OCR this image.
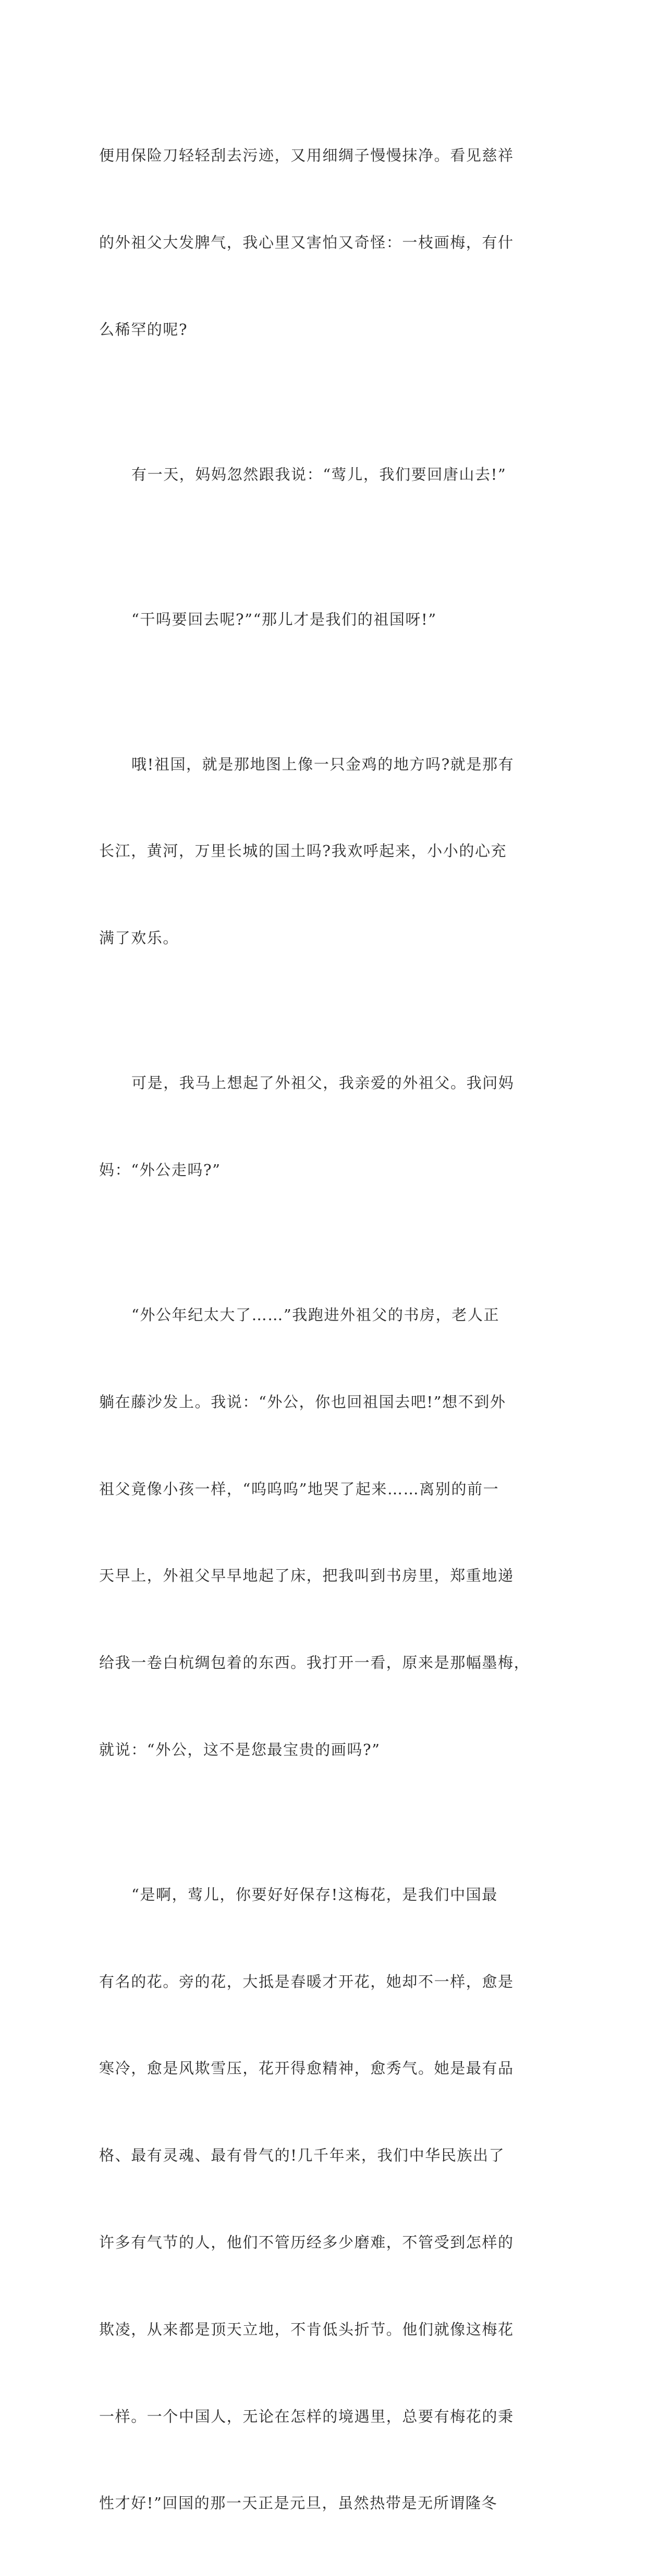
便用保险刀轻轻刮去污迹，又用细绸子慢慢抹净。看见慈祥

的外祖父大发脾气，我心里又害怕又奇怪：一枝画梅，有什

么稀罕的呢?

有一天，妈妈忽然跟我说：“莺儿，我们要回唐山去!”

“干吗要回去呢?”“那儿才是我们的祖国呀!”

哦!祖国，就是那地图上像一只金鸡的地方吗?就是那有

长江，黄河，万里长城的国土吗?我欢呼起来，小小的心充

满了欢乐。

可是，我马上想起了外祖父，我亲爱的外祖父。我问妈

妈：“外公走吗?”

“外公年纪太大了……”我跑进外祖父的书房，老人正

躺在藤沙发上。我说：“外公，你也回祖国去吧!”想不到外

祖父竟像小孩一样，“呜呜呜”地哭了起来……离别的前一

天早上，外祖父早早地起了床，把我叫到书房里，郑重地递

给我一卷白杭绸包着的东西。我打开一看，原来是那幅墨梅，

就说：“外公，这不是您最宝贵的画吗?”

“是啊，莺儿，你要好好保存!这梅花，是我们中国最

有名的花。旁的花，大抵是春暖才开花，她却不一样，愈是

寒冷，愈是风欺雪压，花开得愈精神，愈秀气。她是最有品

格、最有灵魂、最有骨气的!几千年来，我们中华民族出了

许多有气节的人，他们不管历经多少磨难，不管受到怎样的

欺凌，从来都是顶天立地，不肯低头折节。他们就像这梅花

一样。一个中国人，无论在怎样的境遇里，总要有梅花的秉

性才好!”回国的那一天正是元旦，虽然热带是无所谓隆冬
